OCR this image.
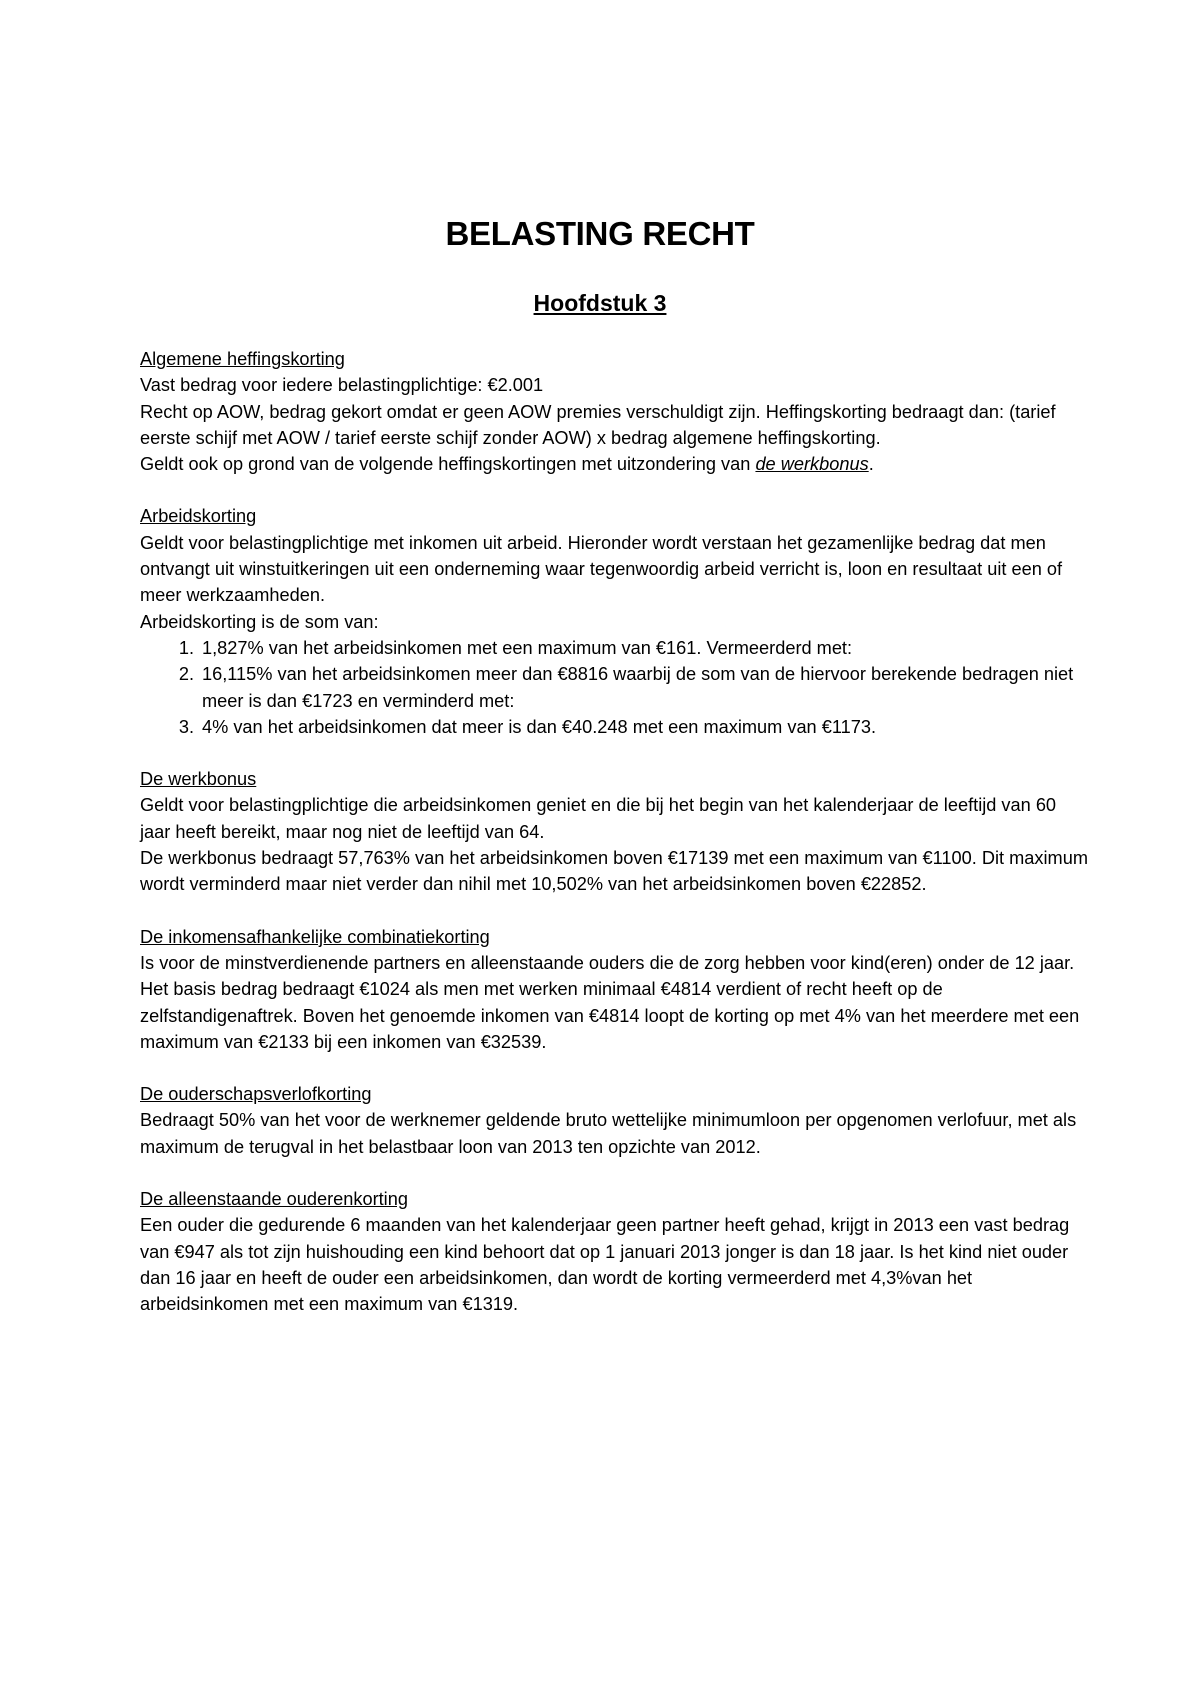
BELASTING RECHT
Hoofdstuk 3
Algemene heffingskorting

Vast bedrag voor iedere belastingplichtige: €2.001

Recht op AOW, bedrag gekort omdat er geen AOW premies verschuldigt zijn. Heffingskorting bedraagt dan: (tarief eerste schijf met AOW / tarief eerste schijf zonder AOW) x bedrag algemene heffingskorting.

Geldt ook op grond van de volgende heffingskortingen met uitzondering van de werkbonus.

Arbeidskorting

Geldt voor belastingplichtige met inkomen uit arbeid. Hieronder wordt verstaan het gezamenlijke bedrag dat men ontvangt uit winstuitkeringen uit een onderneming waar tegenwoordig arbeid verricht is, loon en resultaat uit een of meer werkzaamheden.

Arbeidskorting is de som van:

1. 1,827% van het arbeidsinkomen met een maximum van €161. Vermeerderd met:
2. 16,115% van het arbeidsinkomen meer dan €8816 waarbij de som van de hiervoor berekende bedragen niet meer is dan €1723 en verminderd met:
3. 4% van het arbeidsinkomen dat meer is dan €40.248 met een maximum van €1173.
De werkbonus

Geldt voor belastingplichtige die arbeidsinkomen geniet en die bij het begin van het kalenderjaar de leeftijd van 60 jaar heeft bereikt, maar nog niet de leeftijd van 64.

De werkbonus bedraagt 57,763% van het arbeidsinkomen boven €17139 met een maximum van €1100. Dit maximum wordt verminderd maar niet verder dan nihil met 10,502% van het arbeidsinkomen boven €22852.

De inkomensafhankelijke combinatiekorting

Is voor de minstverdienende partners en alleenstaande ouders die de zorg hebben voor kind(eren) onder de 12 jaar. Het basis bedrag bedraagt €1024 als men met werken minimaal €4814 verdient of recht heeft op de zelfstandigenaftrek. Boven het genoemde inkomen van €4814 loopt de korting op met 4% van het meerdere met een maximum van €2133 bij een inkomen van €32539.

De ouderschapsverlofkorting

Bedraagt 50% van het voor de werknemer geldende bruto wettelijke minimumloon per opgenomen verlofuur, met als maximum de terugval in het belastbaar loon van 2013 ten opzichte van 2012.

De alleenstaande ouderenkorting

Een ouder die gedurende 6 maanden van het kalenderjaar geen partner heeft gehad, krijgt in 2013 een vast bedrag van €947 als tot zijn huishouding een kind behoort dat op 1 januari 2013 jonger is dan 18 jaar. Is het kind niet ouder dan 16 jaar en heeft de ouder een arbeidsinkomen, dan wordt de korting vermeerderd met 4,3%van het arbeidsinkomen met een maximum van €1319.
